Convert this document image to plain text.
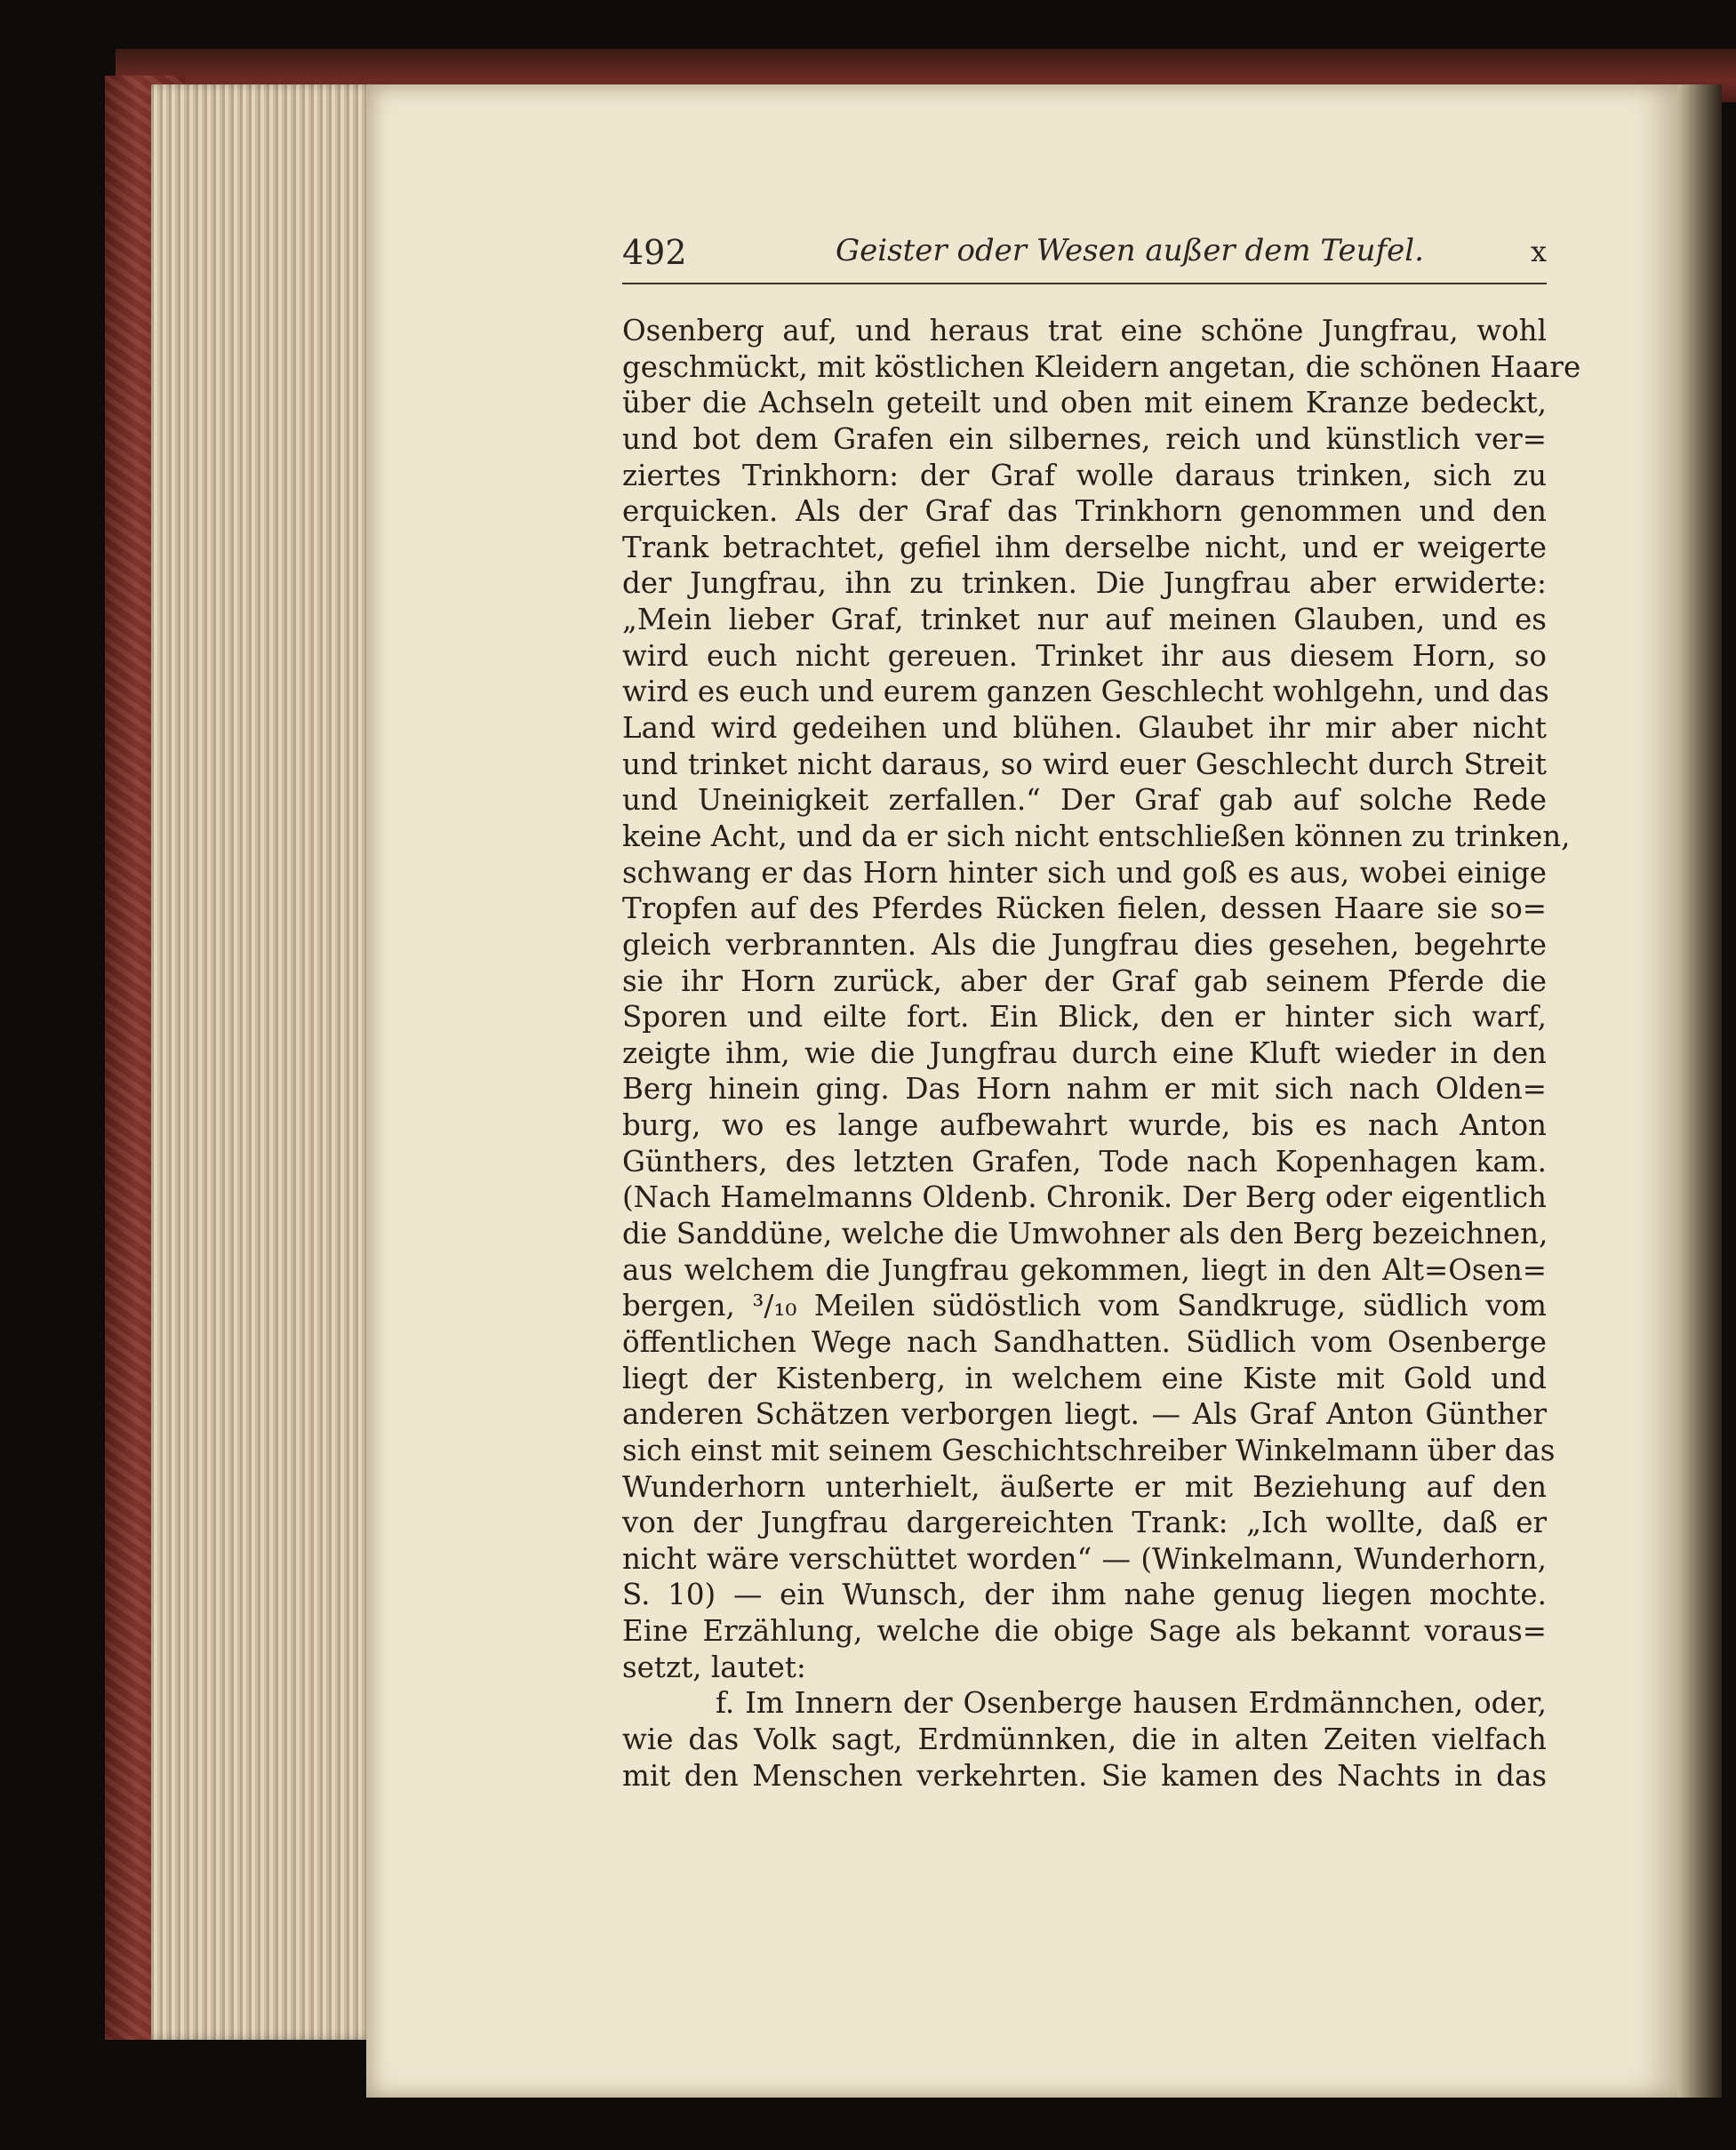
492	Geister oder Wesen außer dem Teufel.	ⅹ
Osenberg auf, und heraus trat eine schöne Jungfrau, wohl
geschmückt, mit köstlichen Kleidern angetan, die schönen Haare
über die Achseln geteilt und oben mit einem Kranze bedeckt,
und bot dem Grafen ein silbernes, reich und künstlich ver=
ziertes Trinkhorn: der Graf wolle daraus trinken, sich zu
erquicken. Als der Graf das Trinkhorn genommen und den
Trank betrachtet, gefiel ihm derselbe nicht, und er weigerte
der Jungfrau, ihn zu trinken. Die Jungfrau aber erwiderte:
„Mein lieber Graf, trinket nur auf meinen Glauben, und es
wird euch nicht gereuen. Trinket ihr aus diesem Horn, so
wird es euch und eurem ganzen Geschlecht wohlgehn, und das
Land wird gedeihen und blühen. Glaubet ihr mir aber nicht
und trinket nicht daraus, so wird euer Geschlecht durch Streit
und Uneinigkeit zerfallen.“ Der Graf gab auf solche Rede
keine Acht, und da er sich nicht entschließen können zu trinken,
schwang er das Horn hinter sich und goß es aus, wobei einige
Tropfen auf des Pferdes Rücken fielen, dessen Haare sie so=
gleich verbrannten. Als die Jungfrau dies gesehen, begehrte
sie ihr Horn zurück, aber der Graf gab seinem Pferde die
Sporen und eilte fort. Ein Blick, den er hinter sich warf,
zeigte ihm, wie die Jungfrau durch eine Kluft wieder in den
Berg hinein ging. Das Horn nahm er mit sich nach Olden=
burg, wo es lange aufbewahrt wurde, bis es nach Anton
Günthers, des letzten Grafen, Tode nach Kopenhagen kam.
(Nach Hamelmanns Oldenb. Chronik. Der Berg oder eigentlich
die Sanddüne, welche die Umwohner als den Berg bezeichnen,
aus welchem die Jungfrau gekommen, liegt in den Alt=Osen=
bergen, ³/₁₀ Meilen südöstlich vom Sandkruge, südlich vom
öffentlichen Wege nach Sandhatten. Südlich vom Osenberge
liegt der Kistenberg, in welchem eine Kiste mit Gold und
anderen Schätzen verborgen liegt. — Als Graf Anton Günther
sich einst mit seinem Geschichtschreiber Winkelmann über das
Wunderhorn unterhielt, äußerte er mit Beziehung auf den
von der Jungfrau dargereichten Trank: „Ich wollte, daß er
nicht wäre verschüttet worden“ — (Winkelmann, Wunderhorn,
S. 10) — ein Wunsch, der ihm nahe genug liegen mochte.
Eine Erzählung, welche die obige Sage als bekannt voraus=
setzt, lautet:
f. Im Innern der Osenberge hausen Erdmännchen, oder,
wie das Volk sagt, Erdmünnken, die in alten Zeiten vielfach
mit den Menschen verkehrten. Sie kamen des Nachts in das
